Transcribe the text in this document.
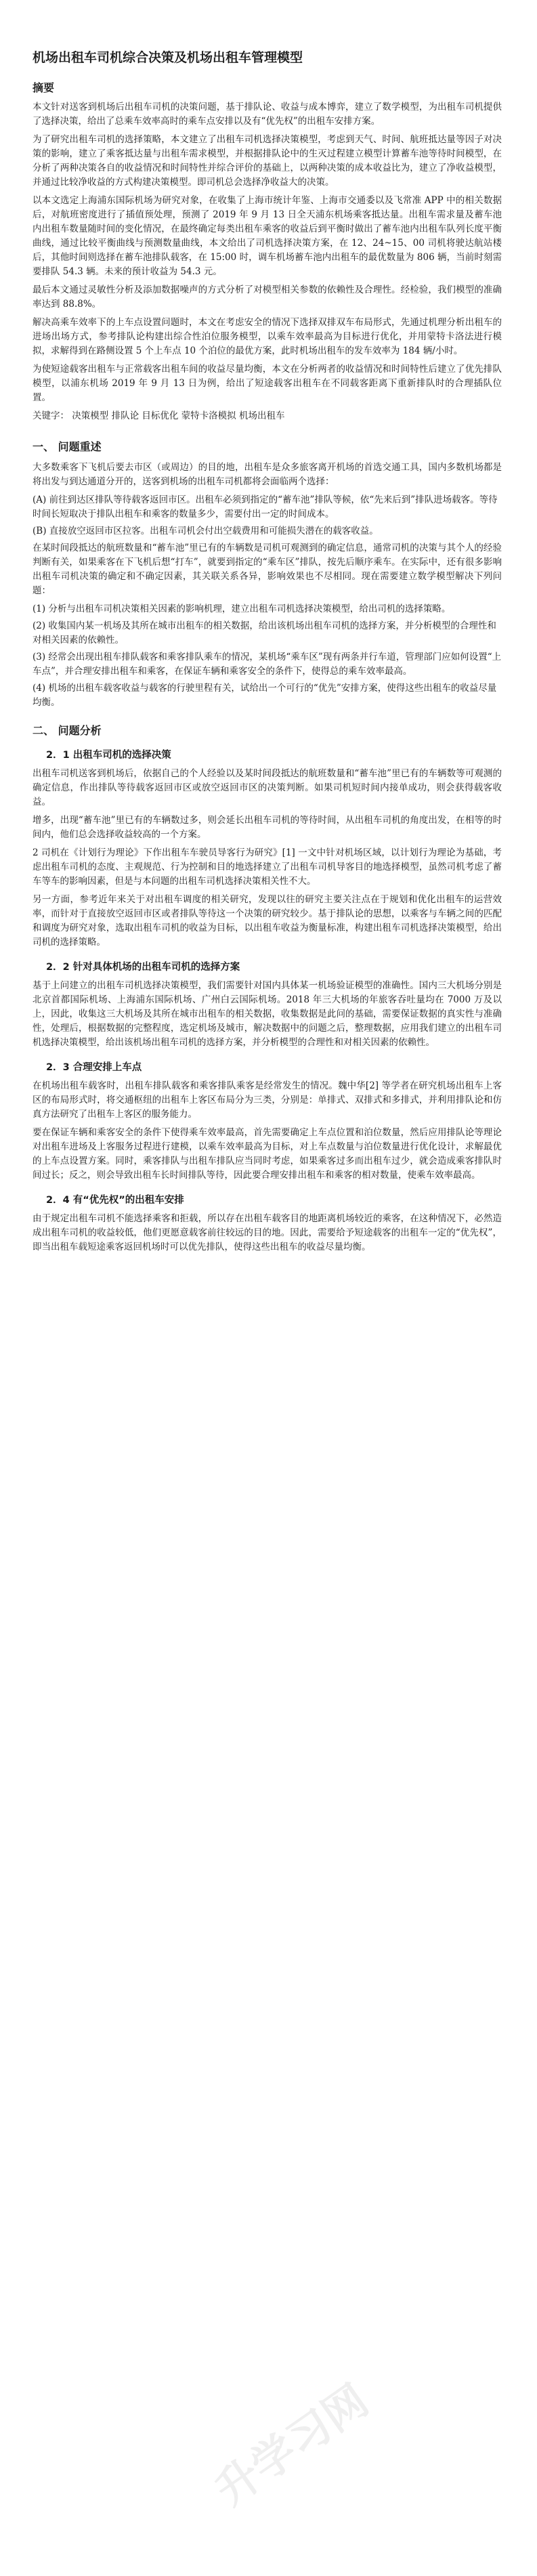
机场出租车司机综合决策及机场出租车管理模型
摘要

本文针对送客到机场后出租车司机的决策问题，基于排队论、收益与成本博弈，建立了数学模型，为出租车司机提供了选择决策，给出了总乘车效率高时的乘车点安排以及有“优先权”的出租车安排方案。

为了研究出租车司机的选择策略，本文建立了出租车司机选择决策模型，考虑到天气、时间、航班抵达量等因子对决策的影响，建立了乘客抵达量与出租车需求模型，并根据排队论中的生灭过程建立模型计算蓄车池等待时间模型，在分析了两种决策各自的收益情况和时间特性并综合评价的基础上，以两种决策的成本收益比为，建立了净收益模型，并通过比较净收益的方式构建决策模型。即司机总会选择净收益大的决策。

以本文选定上海浦东国际机场为研究对象，在收集了上海市统计年鉴、上海市交通委以及飞常准 APP 中的相关数据后，对航班密度进行了插值预处理，预测了 2019 年 9 月 13 日全天浦东机场乘客抵达量。出租车需求量及蓄车池内出租车数量随时间的变化情况，在最终确定每类出租车乘客的收益后到平衡时做出了蓄车池内出租车队列长度平衡曲线，通过比较平衡曲线与预测数量曲线，本文给出了司机选择决策方案，在 12、24~15、00 司机将驶达航站楼后，其他时间则选择在蓄车池排队载客，在 15:00 时，调车机场蓄车池内出租车的最优数量为 806 辆，当前时刻需要排队 54.3 辆。未来的预计收益为 54.3 元。

最后本文通过灵敏性分析及添加数据噪声的方式分析了对模型相关参数的依赖性及合理性。经检验，我们模型的准确率达到 88.8%。

解决高乘车效率下的上车点设置问题时，本文在考虑安全的情况下选择双排双车布局形式，先通过机理分析出租车的进场出场方式，参考排队论构建出综合性泊位服务模型，以乘车效率最高为目标进行优化，并用蒙特卡洛法进行模拟，求解得到在路侧设置 5 个上车点 10 个泊位的最优方案，此时机场出租车的发车效率为 184 辆/小时。

为使短途载客出租车与正常载客出租车间的收益尽量均衡，本文在分析两者的收益情况和时间特性后建立了优先排队模型，以浦东机场 2019 年 9 月 13 日为例，给出了短途载客出租车在不同载客距离下重新排队时的合理插队位置。

关键字： 决策模型 排队论 目标优化 蒙特卡洛模拟 机场出租车

一、 问题重述

大多数乘客下飞机后要去市区（或周边）的目的地，出租车是众多旅客离开机场的首选交通工具，国内多数机场都是将出发与到达通道分开的，送客到机场的出租车司机都将会面临两个选择：

(A) 前往到达区排队等待载客返回市区。出租车必须到指定的“蓄车池”排队等候，依“先来后到”排队进场载客。等待时间长短取决于排队出租车和乘客的数量多少，需要付出一定的时间成本。

(B) 直接放空返回市区拉客。出租车司机会付出空载费用和可能损失潜在的载客收益。

在某时间段抵达的航班数量和“蓄车池”里已有的车辆数是司机可观测到的确定信息，通常司机的决策与其个人的经验判断有关，如果乘客在下飞机后想“打车”，就要到指定的“乘车区”排队，按先后顺序乘车。在实际中，还有很多影响出租车司机决策的确定和不确定因素，其关联关系各异，影响效果也不尽相同。现在需要建立数学模型解决下列问题：

(1) 分析与出租车司机决策相关因素的影响机理，建立出租车司机选择决策模型，给出司机的选择策略。

(2) 收集国内某一机场及其所在城市出租车的相关数据，给出该机场出租车司机的选择方案，并分析模型的合理性和对相关因素的依赖性。

(3) 经常会出现出租车排队载客和乘客排队乘车的情况，某机场“乘车区”现有两条并行车道，管理部门应如何设置“上车点”，并合理安排出租车和乘客，在保证车辆和乘客安全的条件下，使得总的乘车效率最高。

(4) 机场的出租车载客收益与载客的行驶里程有关，试给出一个可行的“优先”安排方案，使得这些出租车的收益尽量均衡。

二、 问题分析
2．1 出租车司机的选择决策

出租车司机送客到机场后，依据自己的个人经验以及某时间段抵达的航班数量和“蓄车池”里已有的车辆数等可观测的确定信息，作出排队等待载客返回市区或放空返回市区的决策判断。如果司机短时间内接单成功，则会获得载客收益。

增多，出现“蓄车池”里已有的车辆数过多，则会延长出租车司机的等待时间，从出租车司机的角度出发，在相等的时间内，他们总会选择收益较高的一个方案。

2 司机在《计划行为理论》下作出租车车驶员导客行为研究》[1] 一文中针对机场区域，以计划行为理论为基础，考虑出租车司机的态度、主观规范、行为控制和目的地选择建立了出租车司机导客目的地选择模型，虽然司机考虑了蓄车等车的影响因素，但是与本问题的出租车司机选择决策相关性不大。

另一方面，参考近年来关于对出租车调度的相关研究，发现以往的研究主要关注点在于规划和优化出租车的运营效率，而针对于直接放空返回市区或者排队等待这一个决策的研究较少。基于排队论的思想，以乘客与车辆之间的匹配和调度为研究对象，选取出租车司机的收益为目标，以出租车收益为衡量标准，构建出租车司机选择决策模型，给出司机的选择策略。

2．2 针对具体机场的出租车司机的选择方案

基于上问建立的出租车司机选择决策模型，我们需要针对国内具体某一机场验证模型的准确性。国内三大机场分别是北京首都国际机场、上海浦东国际机场、广州白云国际机场。2018 年三大机场的年旅客吞吐量均在 7000 万及以上，因此，收集这三大机场及其所在城市出租车的相关数据，收集数据是此问的基础，需要保证数据的真实性与准确性，处理后，根据数据的完整程度，选定机场及城市，解决数据中的问题之后，整理数据，应用我们建立的出租车司机选择决策模型，给出该机场出租车司机的选择方案，并分析模型的合理性和对相关因素的依赖性。

2．3 合理安排上车点

在机场出租车载客时，出租车排队载客和乘客排队乘客是经常发生的情况。魏中华[2] 等学者在研究机场出租车上客区的布局形式时，将交通枢纽的出租车上客区布局分为三类，分别是：单排式、双排式和多排式，并利用排队论和仿真方法研究了出租车上客区的服务能力。

要在保证车辆和乘客安全的条件下使得乘车效率最高，首先需要确定上车点位置和泊位数量，然后应用排队论等理论对出租车进场及上客服务过程进行建模，以乘车效率最高为目标，对上车点数量与泊位数量进行优化设计，求解最优的上车点设置方案。同时，乘客排队与出租车排队应当同时考虑，如果乘客过多而出租车过少，就会造成乘客排队时间过长；反之，则会导致出租车长时间排队等待，因此要合理安排出租车和乘客的相对数量，使乘车效率最高。

2．4 有“优先权”的出租车安排

由于规定出租车司机不能选择乘客和拒载，所以存在出租车载客目的地距离机场较近的乘客，在这种情况下，必然造成出租车司机的收益较低，他们更愿意载客前往较远的目的地。因此，需要给予短途载客的出租车一定的“优先权”，即当出租车载短途乘客返回机场时可以优先排队，使得这些出租车的收益尽量均衡。

升学习网
